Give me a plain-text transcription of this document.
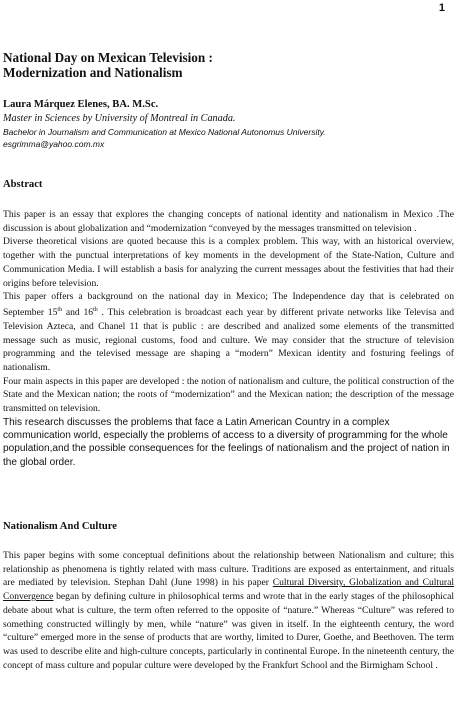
1
National Day on Mexican Television :
Modernization and Nationalism
Laura Márquez Elenes, BA. M.Sc.
Master in Sciences by University of Montreal in Canada.
Bachelor in Journalism and Communication at Mexico National Autonomus University.
esgrimma@yahoo.com.mx
Abstract

This paper is an essay that explores the changing concepts of national identity and nationalism in Mexico .The discussion is about globalization and “modernization “conveyed by the messages transmitted on television .

Diverse theoretical visions are quoted because this is a complex problem. This way, with an historical overview, together with the punctual interpretations of key moments in the development of the State-Nation, Culture and Communication Media. I will establish a basis for analyzing the current messages about the festivities that had their origins before television.

This paper offers a background on the national day in Mexico; The Independence day that is celebrated on September 15th and 16th . This celebration is broadcast each year by different private networks like Televisa and Television Azteca, and Chanel 11 that is public : are described and analized some elements of the transmitted message such as music, regional customs, food and culture. We may consider that the structure of television programming and the televised message are shaping a “modern” Mexican identity and fosturing feelings of nationalism.

Four main aspects in this paper are developed : the notion of nationalism and culture, the political construction of the State and the Mexican nation; the roots of “modernization” and the Mexican nation; the description of the message transmitted on television.

This research discusses the problems that face a Latin American Country in a complex communication world, especially the problems of access to a diversity of programming for the whole population,and the possible consequences for the feelings of nationalism and the project of nation in the global order.

Nationalism And Culture

This paper begins with some conceptual definitions about the relationship between Nationalism and culture; this relationship as phenomena is tightly related with mass culture. Traditions are exposed as entertainment, and rituals are mediated by television. Stephan Dahl (June 1998) in his paper Cultural Diversity, Globalization and Cultural Convergence began by defining culture in philosophical terms and wrote that in the early stages of the philosophical debate about what is culture, the term often referred to the opposite of “nature.” Whereas “Culture” was refered to something constructed willingly by men, while “nature” was given in itself. In the eighteenth century, the word “culture” emerged more in the sense of products that are worthy, limited to Durer, Goethe, and Beethoven. The term was used to describe elite and high-culture concepts, particularly in continental Europe. In the nineteenth century, the concept of mass culture and popular culture were developed by the Frankfurt School and the Birmigham School .
